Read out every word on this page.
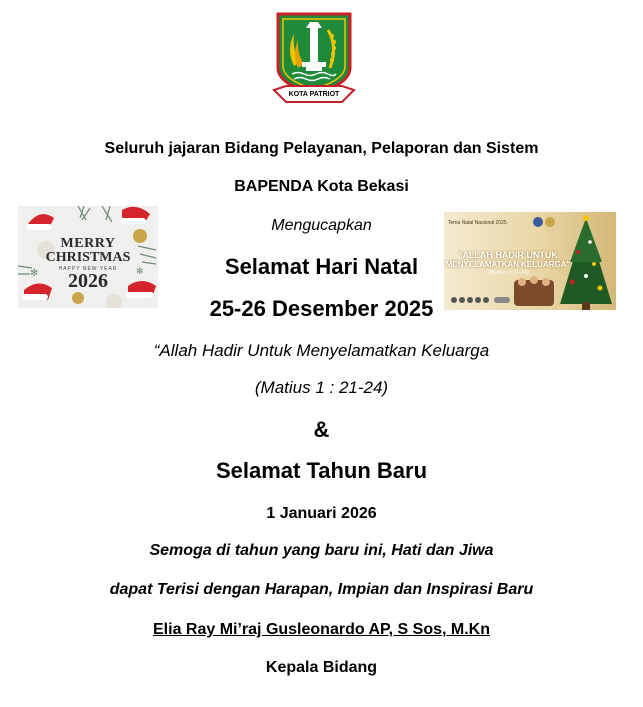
KOTA PATRIOT
Seluruh jajaran Bidang Pelayanan, Pelaporan dan Sistem
BAPENDA Kota Bekasi
Mengucapkan
✻	✻
MERRY
CHRISTMAS
HAPPY NEW YEAR
2026
Tema Natal Nasional 2025
"ALLAH HADIR UNTUK
MENYELAMATKAN KELUARGA"
(Matius 1:21-24)
Selamat Hari Natal
25-26 Desember 2025
“Allah Hadir Untuk Menyelamatkan Keluarga
(Matius 1 : 21-24)
&
Selamat Tahun Baru
1 Januari 2026
Semoga di tahun yang baru ini, Hati dan Jiwa
dapat Terisi dengan Harapan, Impian dan Inspirasi Baru
Elia Ray Mi’raj Gusleonardo AP, S Sos, M.Kn
Kepala Bidang
